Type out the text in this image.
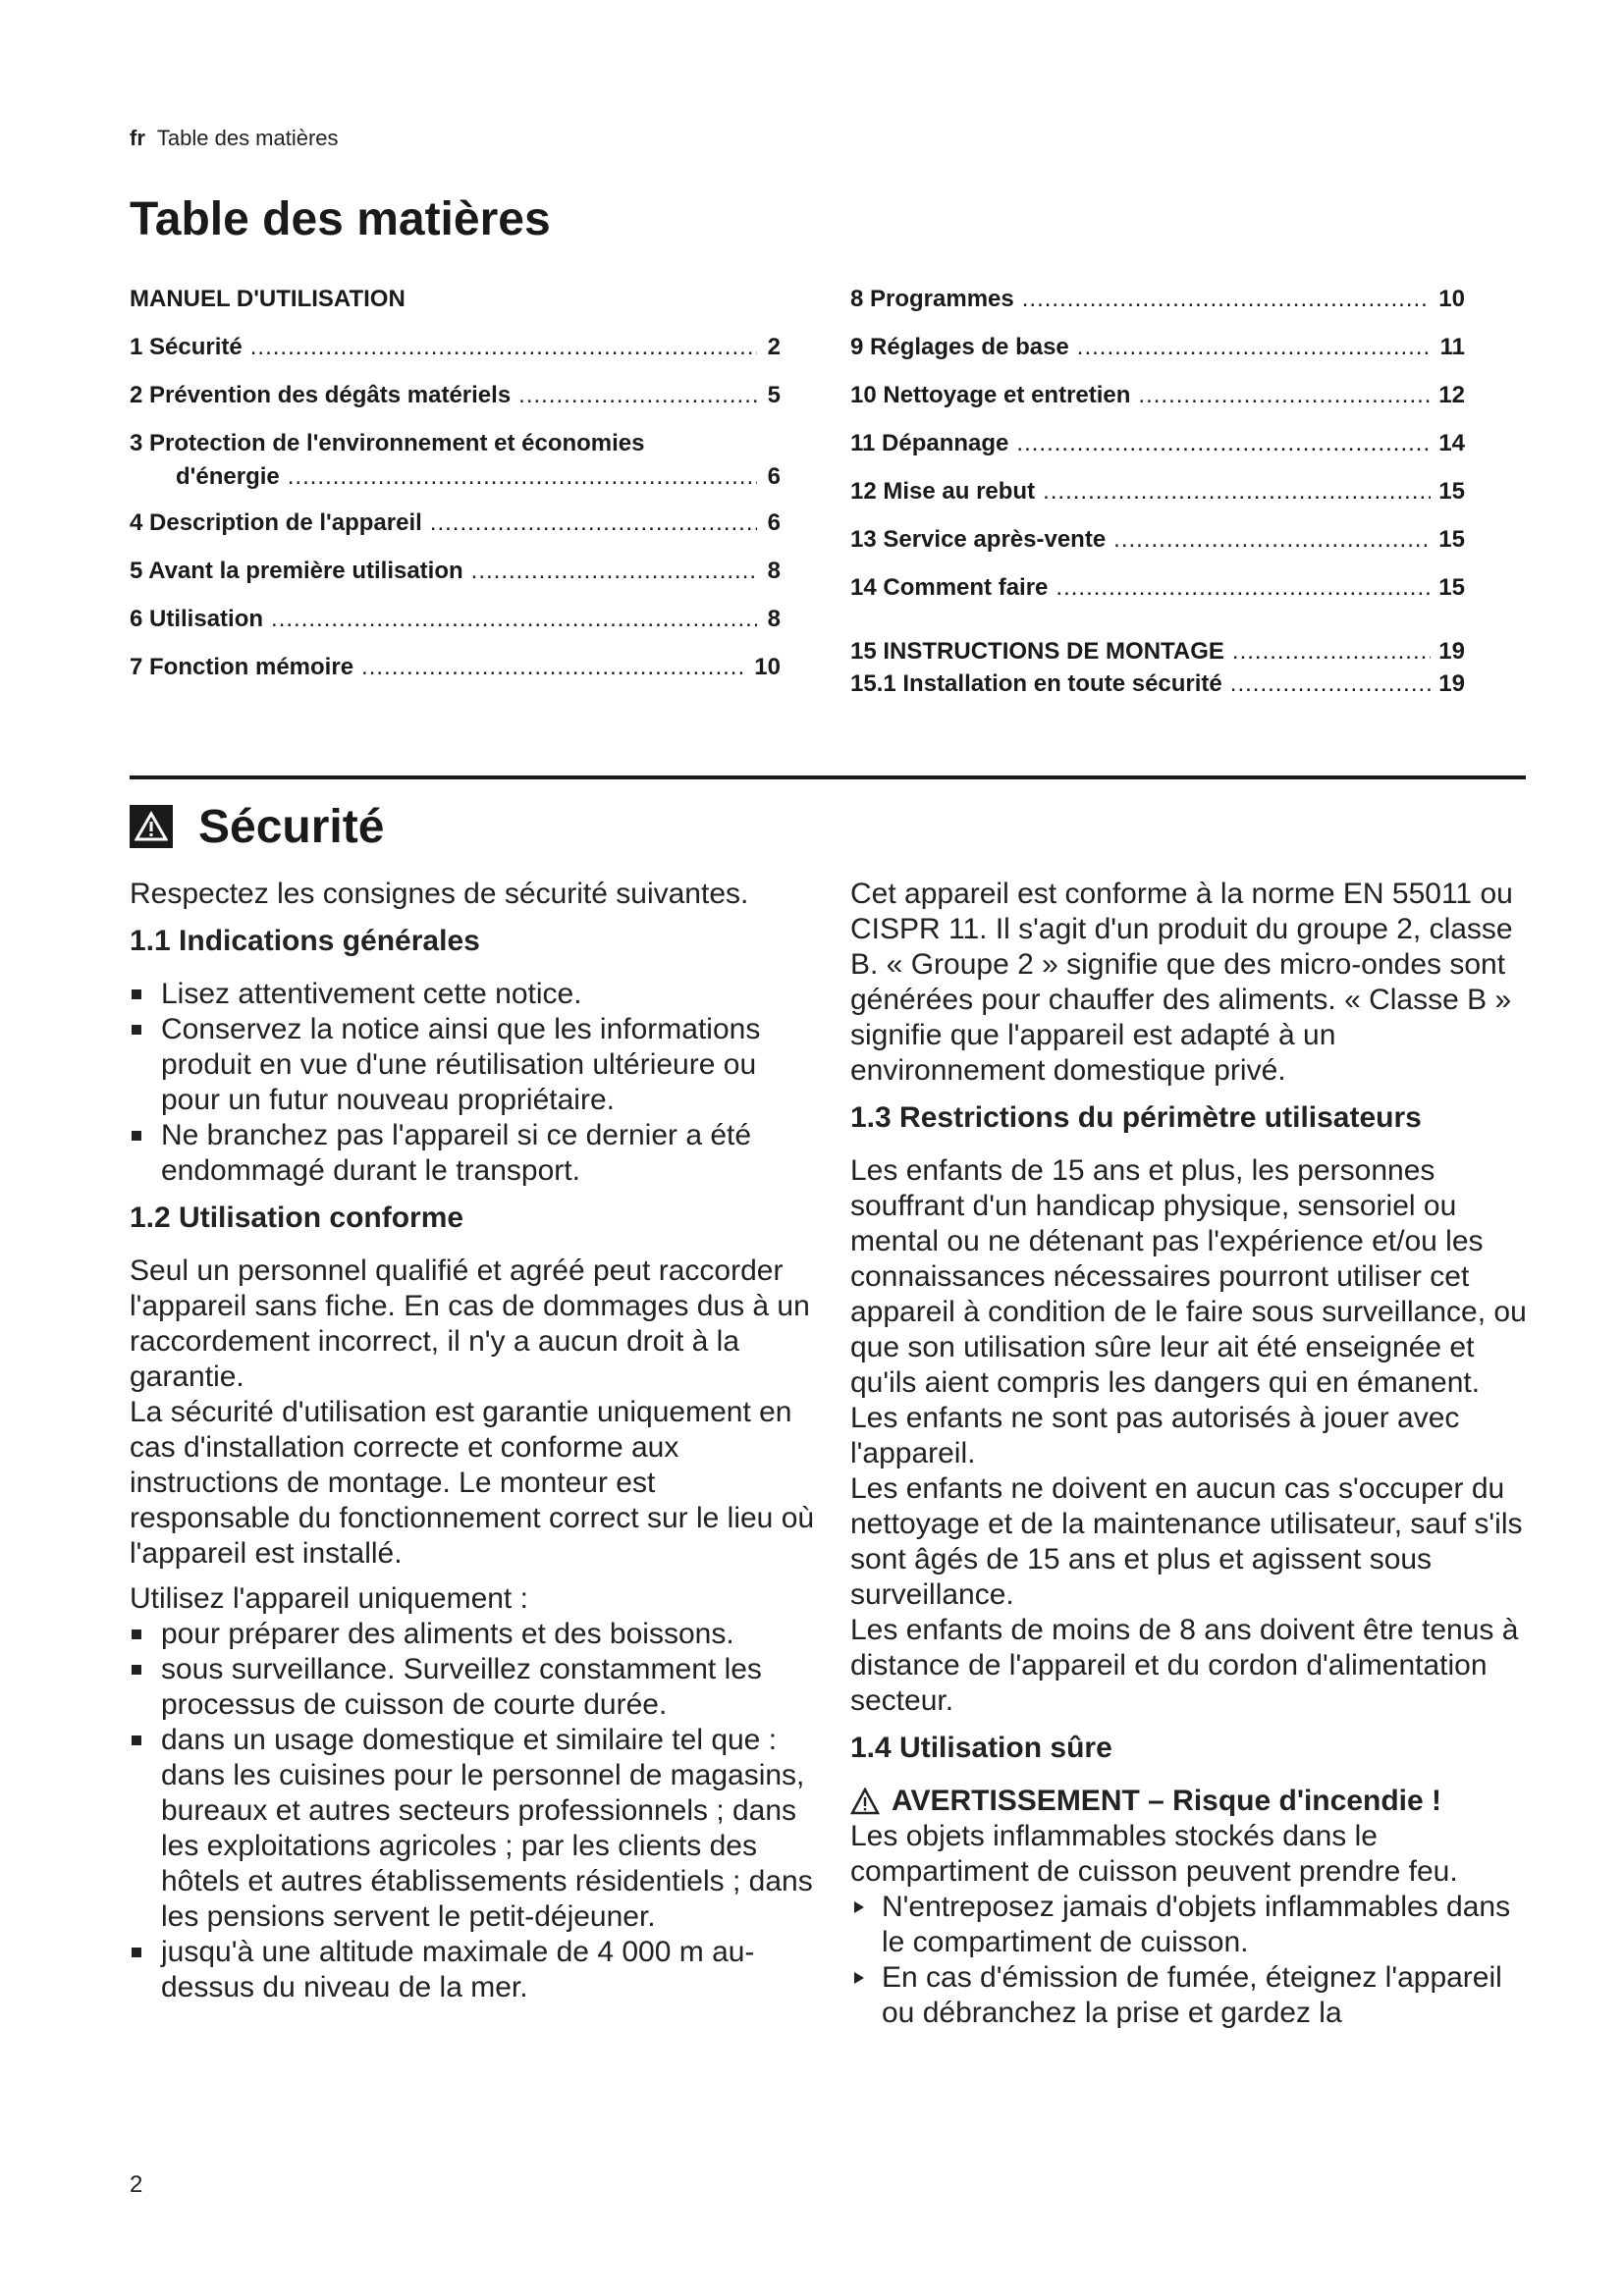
fr Table des matières
Table des matières
MANUEL D'UTILISATION
1 Sécurité .....	2
2 Prévention des dégâts matériels .....	5
3 Protection de l'environnement et économies
d'énergie .....	6
4 Description de l'appareil .....	6
5 Avant la première utilisation .....	8
6 Utilisation .....	8
7 Fonction mémoire .....	10
8 Programmes .....	10
9 Réglages de base .....	11
10 Nettoyage et entretien .....	12
11 Dépannage .....	14
12 Mise au rebut .....	15
13 Service après-vente .....	15
14 Comment faire .....	15
15 INSTRUCTIONS DE MONTAGE .....	19
15.1 Installation en toute sécurité .....	19
Sécurité

Respectez les consignes de sécurité suivantes.

1.1 Indications générales
Lisez attentivement cette notice.
Conservez la notice ainsi que les informations produit en vue d'une réutilisation ultérieure ou pour un futur nouveau propriétaire.
Ne branchez pas l'appareil si ce dernier a été endommagé durant le transport.
1.2 Utilisation conforme

Seul un personnel qualifié et agréé peut raccorder l'appareil sans fiche. En cas de dommages dus à un raccordement incorrect, il n'y a aucun droit à la garantie.

La sécurité d'utilisation est garantie uniquement en cas d'installation correcte et conforme aux instructions de montage. Le monteur est responsable du fonctionnement correct sur le lieu où l'appareil est installé.

Utilisez l'appareil uniquement :

pour préparer des aliments et des boissons.
sous surveillance. Surveillez constamment les processus de cuisson de courte durée.
dans un usage domestique et similaire tel que : dans les cuisines pour le personnel de magasins, bureaux et autres secteurs professionnels ; dans les exploitations agricoles ; par les clients des hôtels et autres établissements résidentiels ; dans les pensions servent le petit-déjeuner.
jusqu'à une altitude maximale de 4 000 m au-dessus du niveau de la mer.

Cet appareil est conforme à la norme EN 55011 ou CISPR 11. Il s'agit d'un produit du groupe 2, classe B. « Groupe 2 » signifie que des micro-ondes sont générées pour chauffer des aliments. « Classe B » signifie que l'appareil est adapté à un environnement domestique privé.

1.3 Restrictions du périmètre utilisateurs

Les enfants de 15 ans et plus, les personnes souffrant d'un handicap physique, sensoriel ou mental ou ne détenant pas l'expérience et/ou les connaissances nécessaires pourront utiliser cet appareil à condition de le faire sous surveillance, ou que son utilisation sûre leur ait été enseignée et qu'ils aient compris les dangers qui en émanent.

Les enfants ne sont pas autorisés à jouer avec l'appareil.

Les enfants ne doivent en aucun cas s'occuper du nettoyage et de la maintenance utilisateur, sauf s'ils sont âgés de 15 ans et plus et agissent sous surveillance.

Les enfants de moins de 8 ans doivent être tenus à distance de l'appareil et du cordon d'alimentation secteur.

1.4 Utilisation sûre
AVERTISSEMENT – Risque d'incendie !

Les objets inflammables stockés dans le compartiment de cuisson peuvent prendre feu.

N'entreposez jamais d'objets inflammables dans le compartiment de cuisson.
En cas d'émission de fumée, éteignez l'appareil ou débranchez la prise et gardez la
2
